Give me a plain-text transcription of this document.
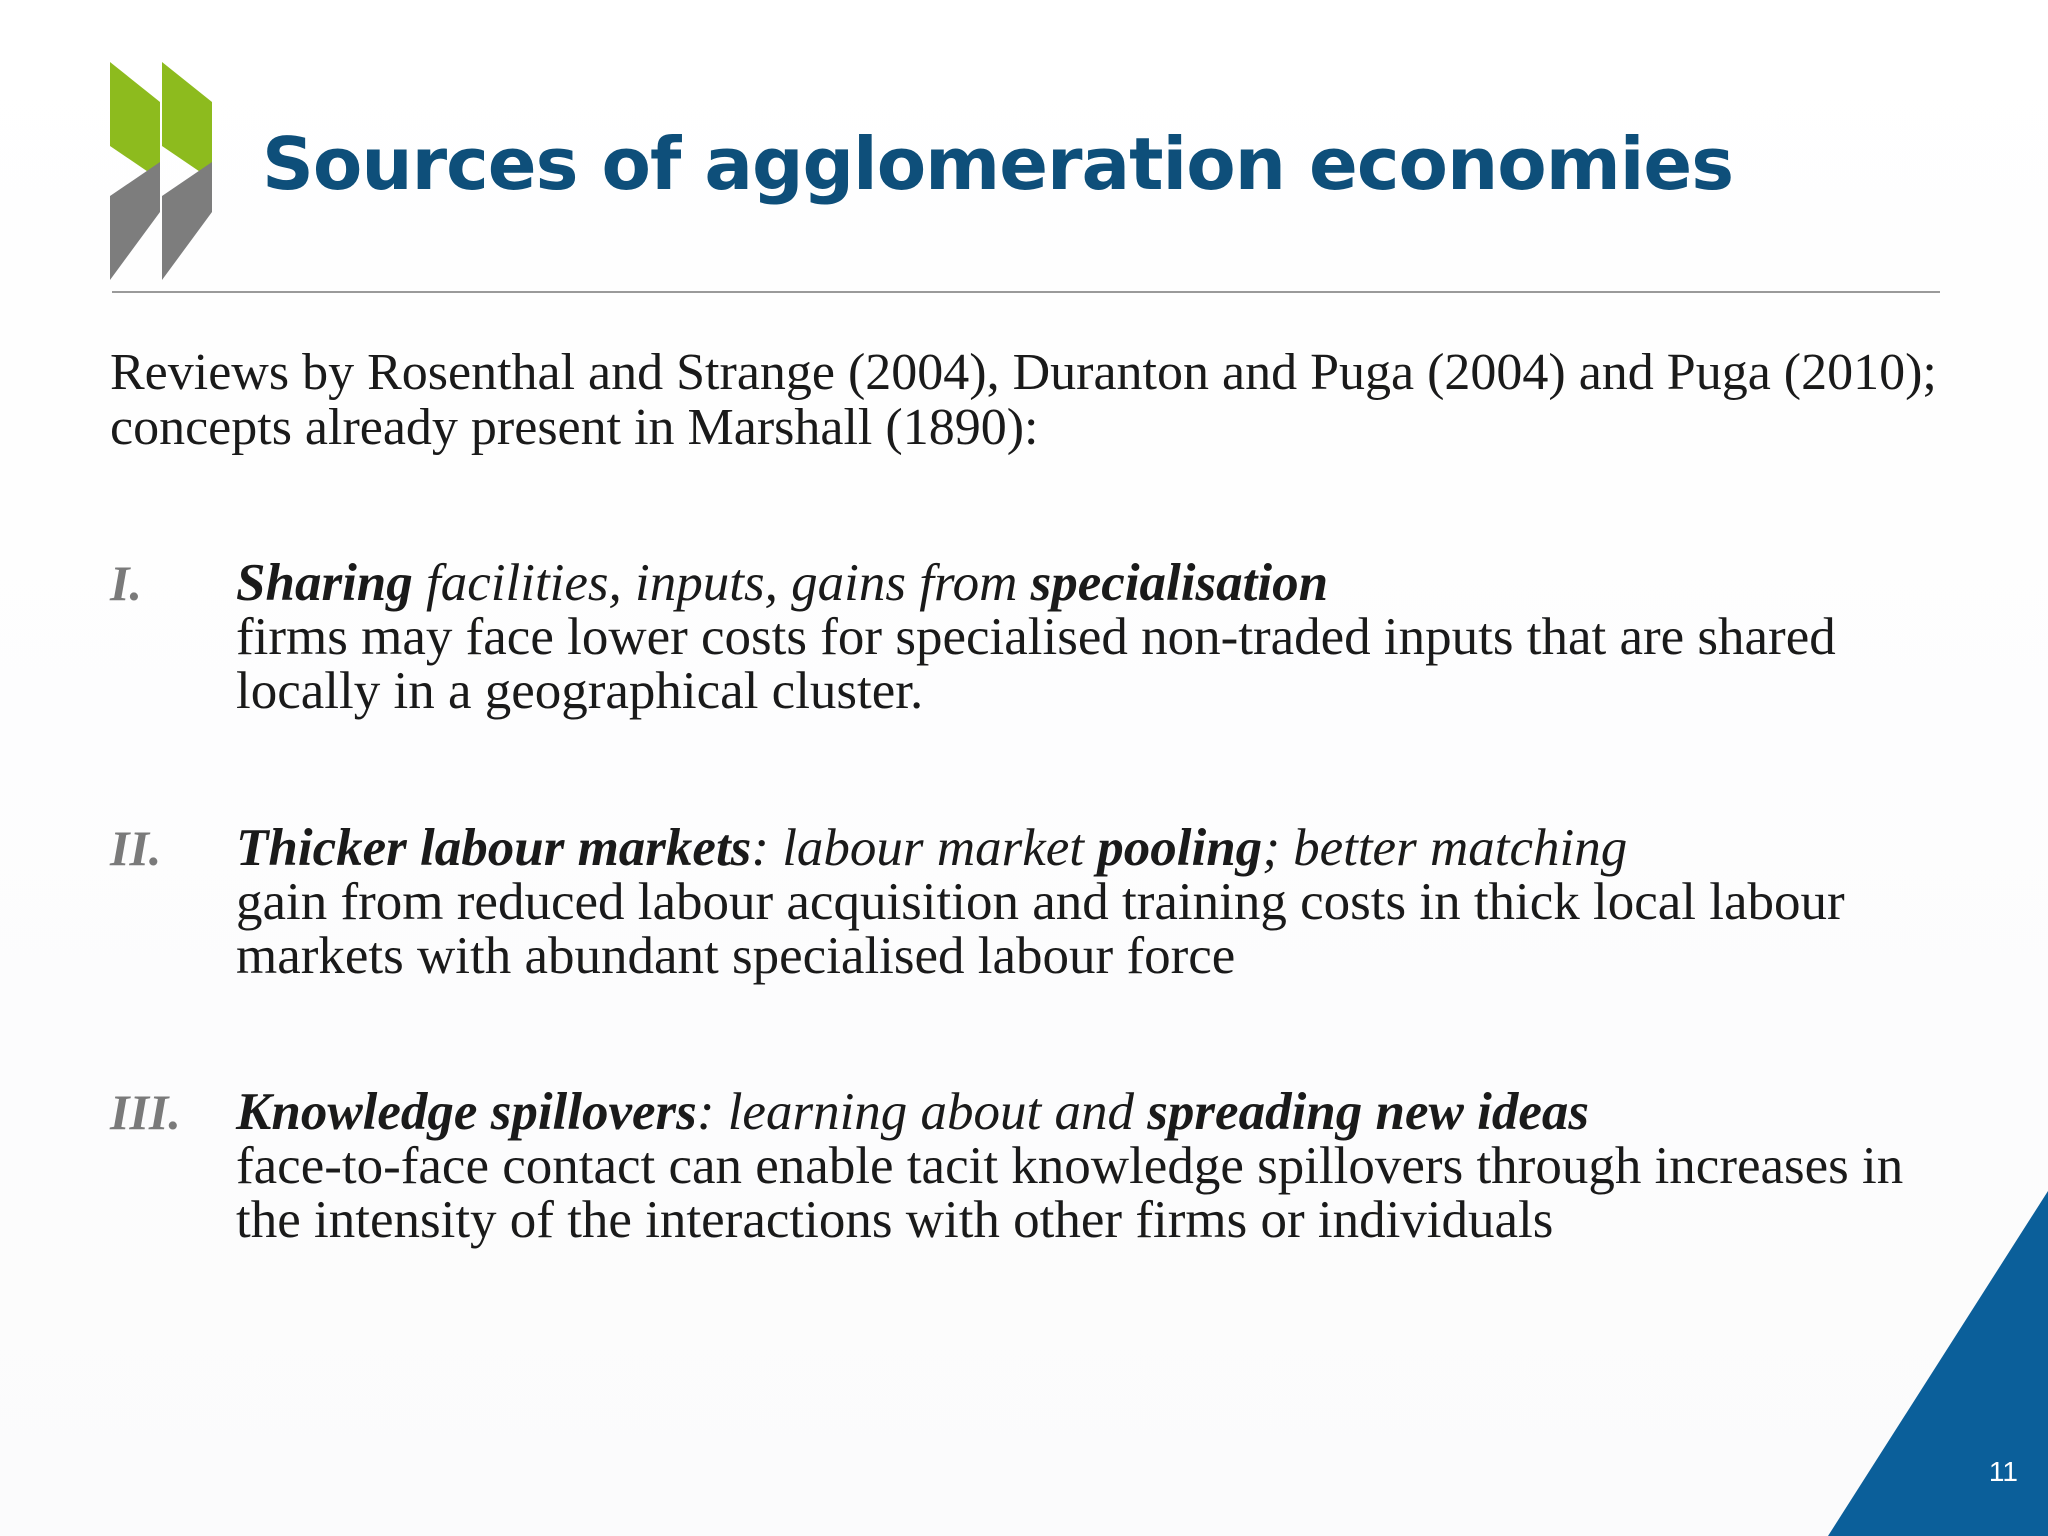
Sources of agglomeration economies

Reviews by Rosenthal and Strange (2004), Duranton and Puga (2004) and Puga (2010); concepts already present in Marshall (1890):

I. Sharing facilities, inputs, gains from specialisation
firms may face lower costs for specialised non-traded inputs that are shared locally in a geographical cluster.
II. Thicker labour markets: labour market pooling; better matching
gain from reduced labour acquisition and training costs in thick local labour markets with abundant specialised labour force
III. Knowledge spillovers: learning about and spreading new ideas
face-to-face contact can enable tacit knowledge spillovers through increases in the intensity of the interactions with other firms or individuals
11
